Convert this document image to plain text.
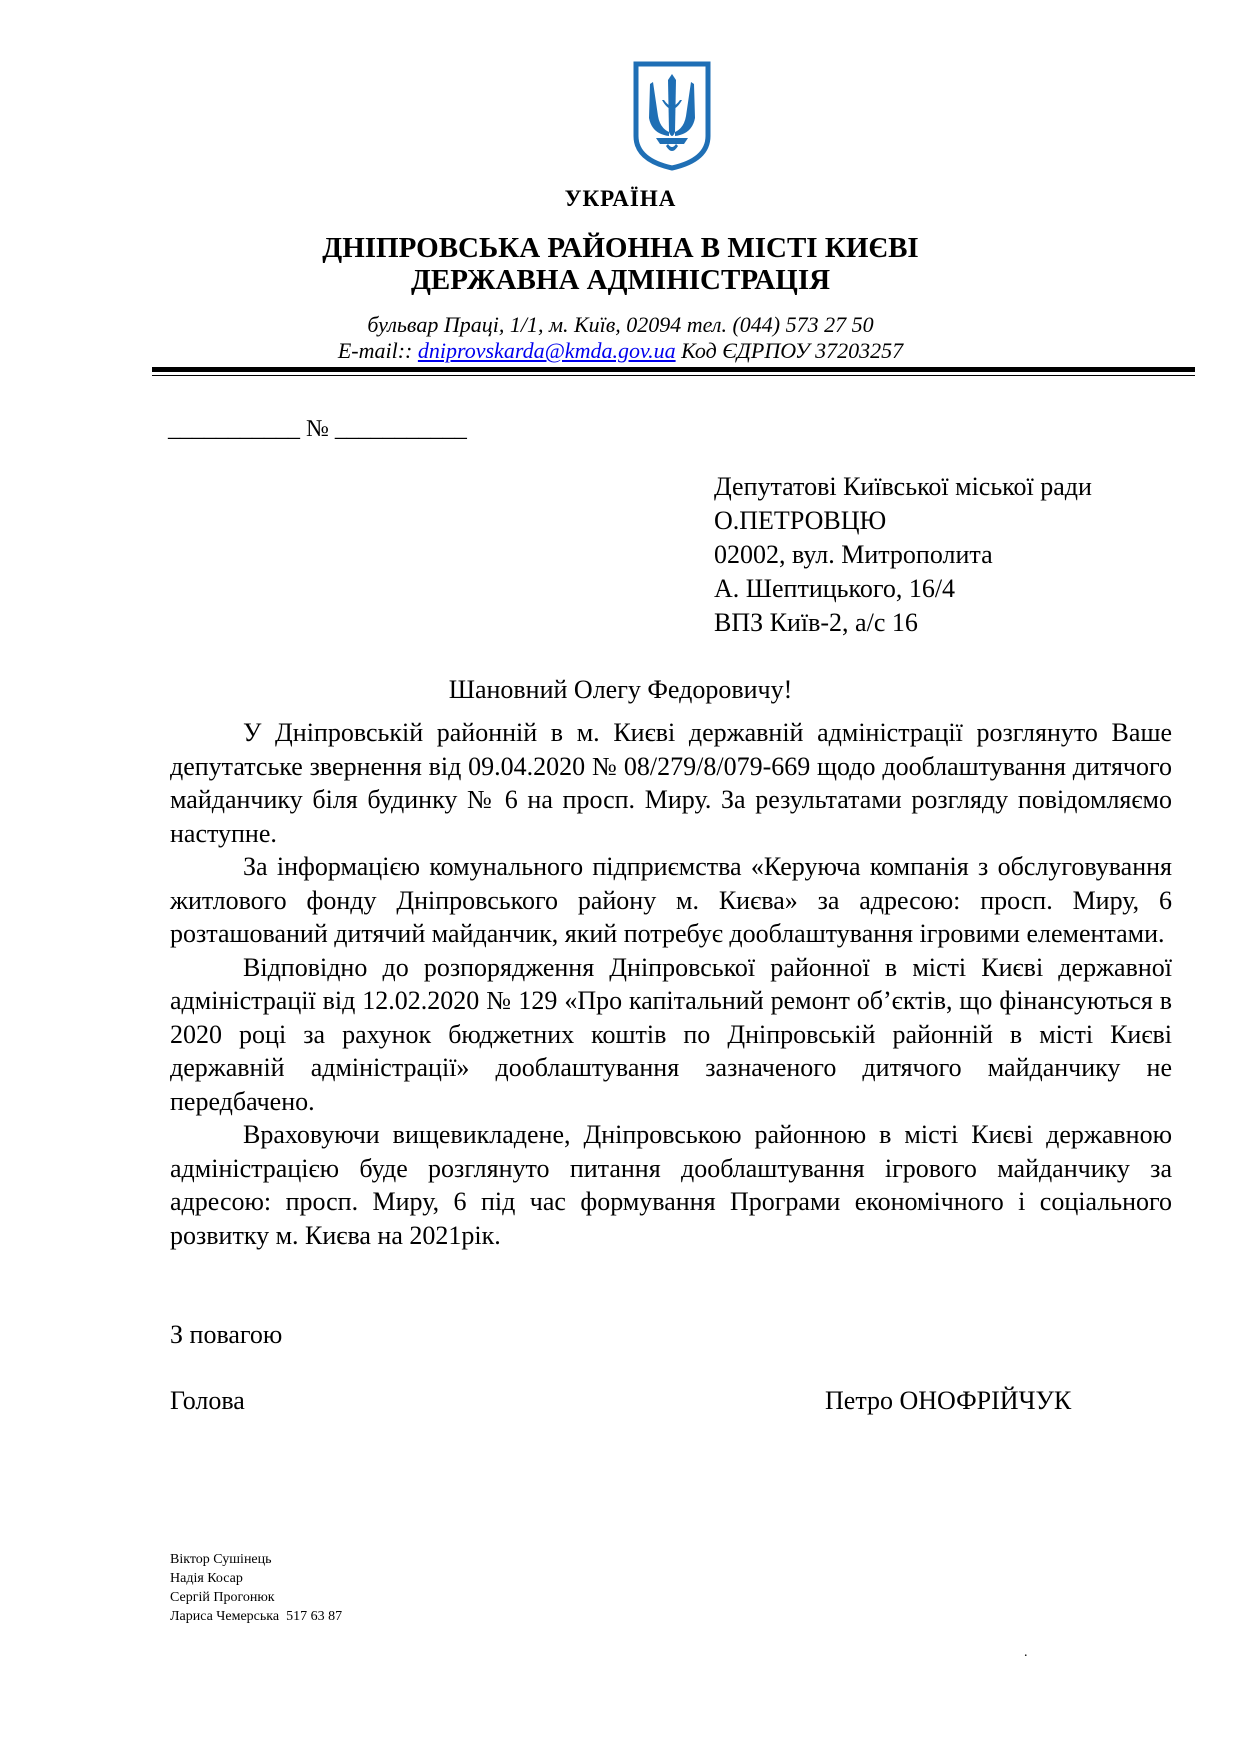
УКРАЇНА
ДНІПРОВСЬКА РАЙОННА В МІСТІ КИЄВІ
ДЕРЖАВНА АДМІНІСТРАЦІЯ
бульвар Праці, 1/1, м. Київ, 02094 тел. (044) 573 27 50
E-mail:: dniprovskarda@kmda.gov.ua Код ЄДРПОУ 37203257
___________ № ___________
Депутатові Київської міської ради
О.ПЕТРОВЦЮ
02002, вул. Митрополита
А. Шептицького, 16/4
ВПЗ Київ-2, а/с 16
Шановний Олегу Федоровичу!

У Дніпровській районній в м. Києві державній адміністрації розглянуто Ваше депутатське звернення від 09.04.2020 № 08/279/8/079-669 щодо дооблаштування дитячого майданчику біля будинку № 6 на просп. Миру. За результатами розгляду повідомляємо наступне.

За інформацією комунального підприємства «Керуюча компанія з обслуговування житлового фонду Дніпровського району м. Києва» за адресою: просп. Миру, 6 розташований дитячий майданчик, який потребує дооблаштування ігровими елементами.

Відповідно до розпорядження Дніпровської районної в місті Києві державної адміністрації від 12.02.2020 № 129 «Про капітальний ремонт об’єктів, що фінансуються в 2020 році за рахунок бюджетних коштів по Дніпровській районній в місті Києві державній адміністрації» дооблаштування зазначеного дитячого майданчику не передбачено.

Враховуючи вищевикладене, Дніпровською районною в місті Києві державною адміністрацією буде розглянуто питання дооблаштування ігрового майданчику за адресою: просп. Миру, 6 під час формування Програми економічного і соціального розвитку м. Києва на 2021рік.

З повагою
Голова	Петро ОНОФРІЙЧУК
Віктор Сушінець
Надія Косар
Сергій Прогонюк
Лариса Чемерська  517 63 87
.
